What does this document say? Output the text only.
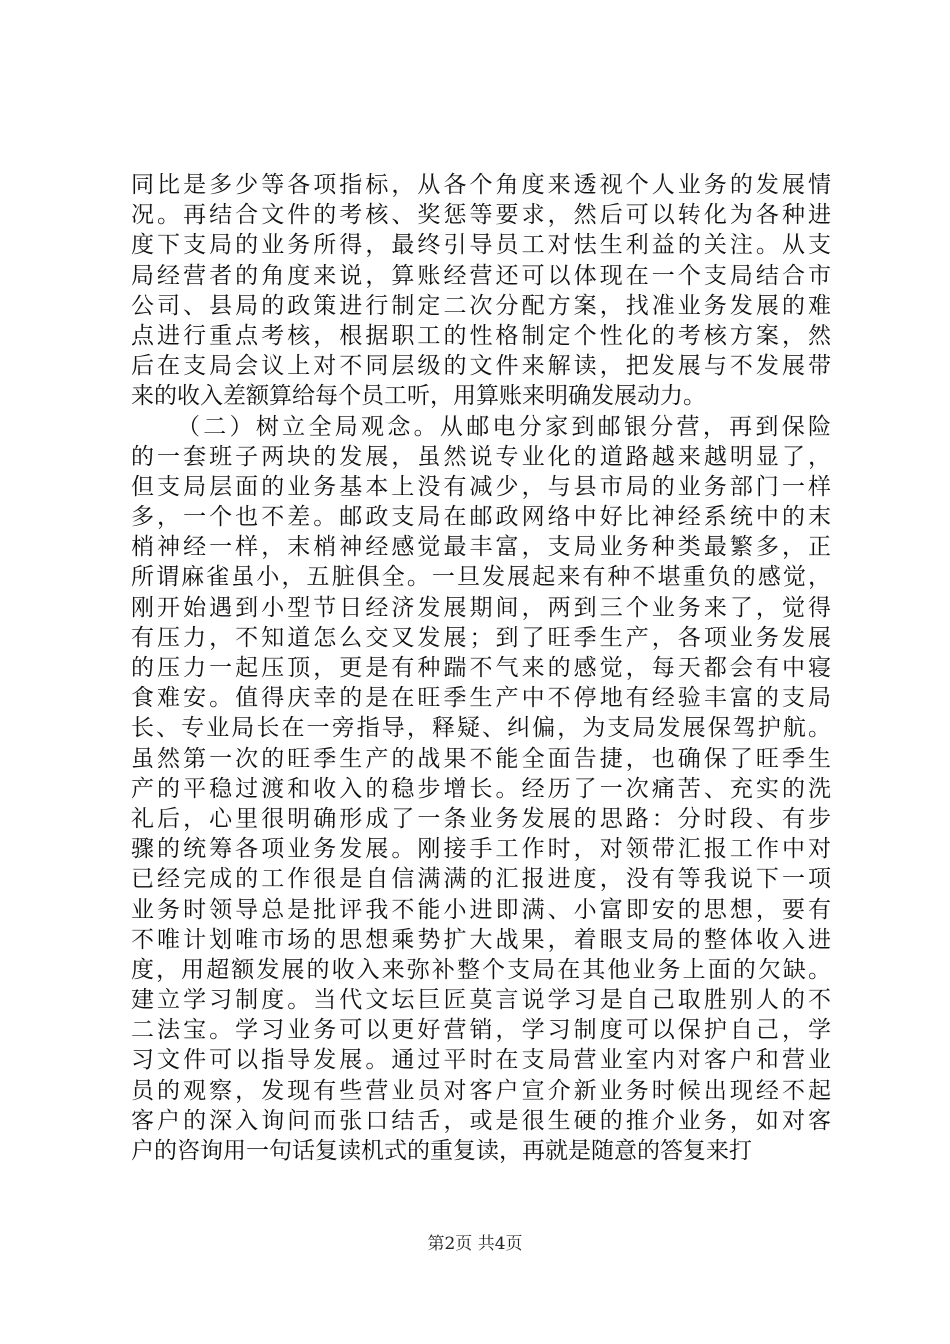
同比是多少等各项指标，从各个角度来透视个人业务的发展情
况。再结合文件的考核、奖惩等要求，然后可以转化为各种进
度下支局的业务所得，最终引导员工对怯生利益的关注。从支
局经营者的角度来说，算账经营还可以体现在一个支局结合市
公司、县局的政策进行制定二次分配方案，找准业务发展的难
点进行重点考核，根据职工的性格制定个性化的考核方案，然
后在支局会议上对不同层级的文件来解读，把发展与不发展带
来的收入差额算给每个员工听，用算账来明确发展动力。
（二）树立全局观念。从邮电分家到邮银分营，再到保险
的一套班子两块的发展，虽然说专业化的道路越来越明显了，
但支局层面的业务基本上没有减少，与县市局的业务部门一样
多，一个也不差。邮政支局在邮政网络中好比神经系统中的末
梢神经一样，末梢神经感觉最丰富，支局业务种类最繁多，正
所谓麻雀虽小，五脏俱全。一旦发展起来有种不堪重负的感觉，
刚开始遇到小型节日经济发展期间，两到三个业务来了，觉得
有压力，不知道怎么交叉发展；到了旺季生产，各项业务发展
的压力一起压顶，更是有种踹不气来的感觉，每天都会有中寝
食难安。值得庆幸的是在旺季生产中不停地有经验丰富的支局
长、专业局长在一旁指导，释疑、纠偏，为支局发展保驾护航。
虽然第一次的旺季生产的战果不能全面告捷，也确保了旺季生
产的平稳过渡和收入的稳步增长。经历了一次痛苦、充实的洗
礼后，心里很明确形成了一条业务发展的思路：分时段、有步
骤的统筹各项业务发展。刚接手工作时，对领带汇报工作中对
已经完成的工作很是自信满满的汇报进度，没有等我说下一项
业务时领导总是批评我不能小进即满、小富即安的思想，要有
不唯计划唯市场的思想乘势扩大战果，着眼支局的整体收入进
度，用超额发展的收入来弥补整个支局在其他业务上面的欠缺。
建立学习制度。当代文坛巨匠莫言说学习是自己取胜别人的不
二法宝。学习业务可以更好营销，学习制度可以保护自己，学
习文件可以指导发展。通过平时在支局营业室内对客户和营业
员的观察，发现有些营业员对客户宣介新业务时候出现经不起
客户的深入询问而张口结舌，或是很生硬的推介业务，如对客
户的咨询用一句话复读机式的重复读，再就是随意的答复来打
第2页 共4页
